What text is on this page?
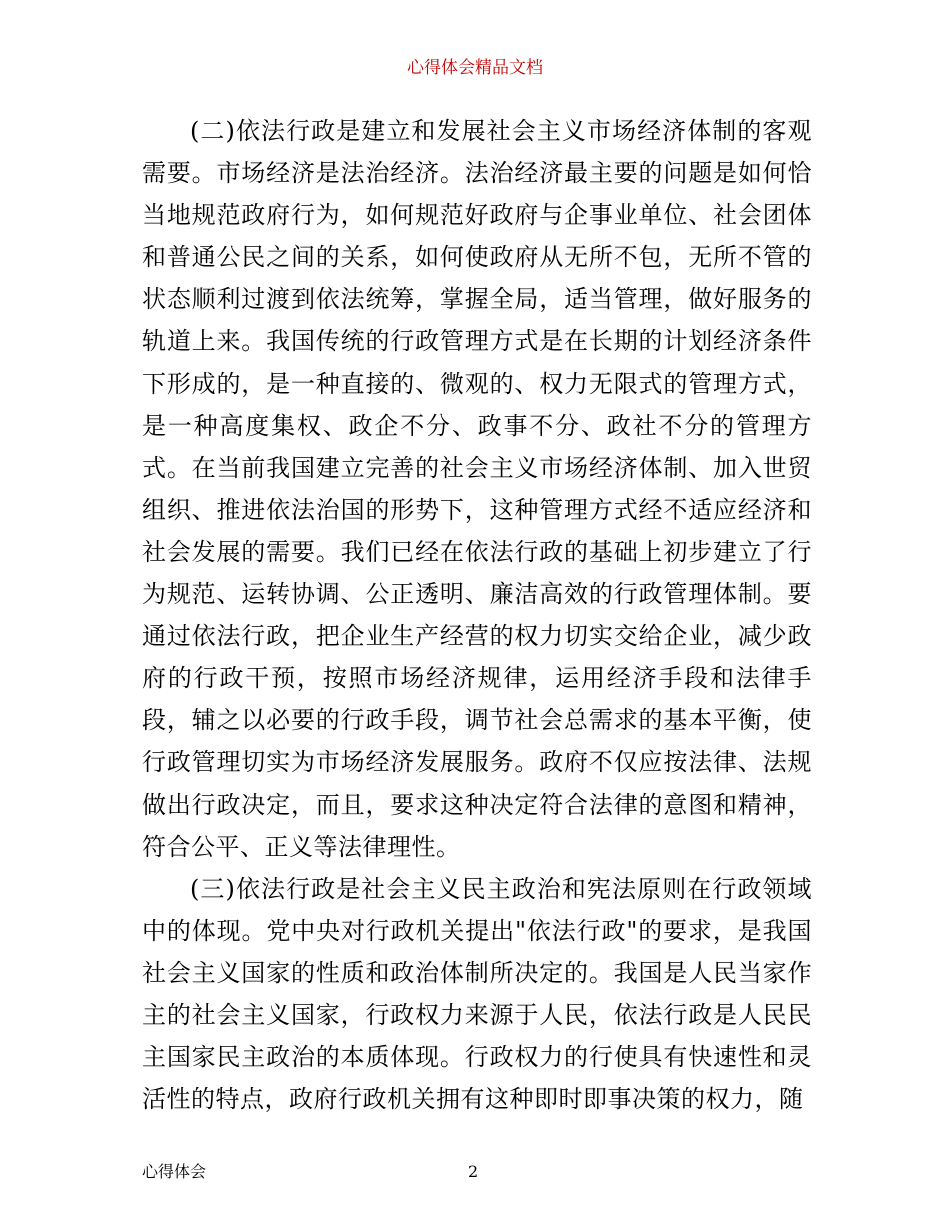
心得体会精品文档

(二)依法行政是建立和发展社会主义市场经济体制的客观需要。市场经济是法治经济。法治经济最主要的问题是如何恰当地规范政府行为，如何规范好政府与企事业单位、社会团体和普通公民之间的关系，如何使政府从无所不包，无所不管的状态顺利过渡到依法统筹，掌握全局，适当管理，做好服务的轨道上来。我国传统的行政管理方式是在长期的计划经济条件下形成的，是一种直接的、微观的、权力无限式的管理方式，是一种高度集权、政企不分、政事不分、政社不分的管理方式。在当前我国建立完善的社会主义市场经济体制、加入世贸组织、推进依法治国的形势下，这种管理方式经不适应经济和社会发展的需要。我们已经在依法行政的基础上初步建立了行为规范、运转协调、公正透明、廉洁高效的行政管理体制。要通过依法行政，把企业生产经营的权力切实交给企业，减少政府的行政干预，按照市场经济规律，运用经济手段和法律手段，辅之以必要的行政手段，调节社会总需求的基本平衡，使行政管理切实为市场经济发展服务。政府不仅应按法律、法规做出行政决定，而且，要求这种决定符合法律的意图和精神，符合公平、正义等法律理性。

(三)依法行政是社会主义民主政治和宪法原则在行政领域中的体现。党中央对行政机关提出"依法行政"的要求，是我国社会主义国家的性质和政治体制所决定的。我国是人民当家作主的社会主义国家，行政权力来源于人民，依法行政是人民民主国家民主政治的本质体现。行政权力的行使具有快速性和灵活性的特点，政府行政机关拥有这种即时即事决策的权力，随

心得体会	2
